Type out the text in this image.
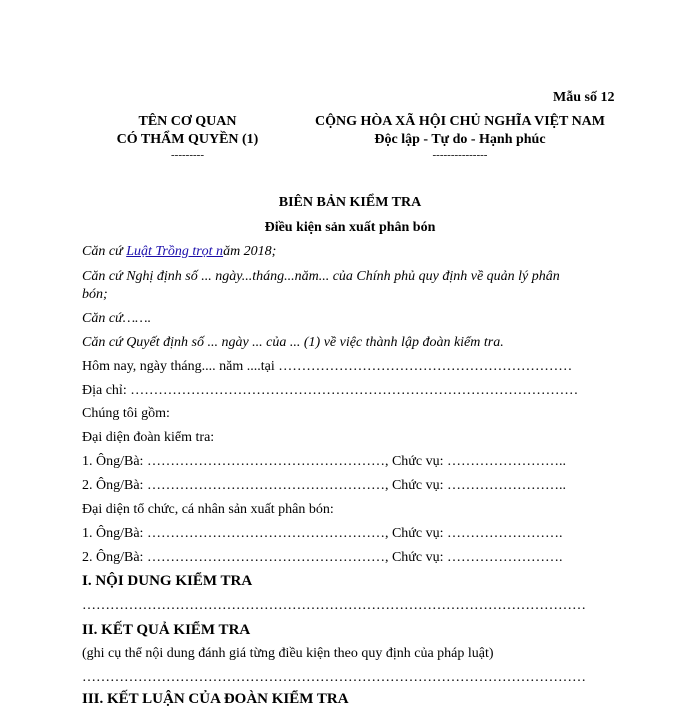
Mẫu số 12
TÊN CƠ QUAN
CÓ THẨM QUYỀN (1)
---------
CỘNG HÒA XÃ HỘI CHỦ NGHĨA VIỆT NAM
Độc lập - Tự do - Hạnh phúc
---------------
BIÊN BẢN KIỂM TRA
Điều kiện sản xuất phân bón
Căn cứ Luật Trồng trọt năm 2018;
Căn cứ Nghị định số ... ngày...tháng...năm... của Chính phủ quy định về quản lý phân
bón;
Căn cứ…….
Căn cứ Quyết định số ... ngày ... của ... (1) về việc thành lập đoàn kiểm tra.
Hôm nay, ngày tháng.... năm ....tại ………………………………………………………
Địa chỉ: ……………………………………………………………………………………
Chúng tôi gồm:
Đại diện đoàn kiểm tra:
1. Ông/Bà: ……………………………………………, Chức vụ: ……………………..
2. Ông/Bà: ……………………………………………, Chức vụ: ……………………..
Đại diện tổ chức, cá nhân sản xuất phân bón:
1. Ông/Bà: ……………………………………………, Chức vụ: …………………….
2. Ông/Bà: ……………………………………………, Chức vụ: …………………….
I. NỘI DUNG KIỂM TRA
………………………………………………………………………………………………
II. KẾT QUẢ KIỂM TRA
(ghi cụ thể nội dung đánh giá từng điều kiện theo quy định của pháp luật)
………………………………………………………………………………………………
III. KẾT LUẬN CỦA ĐOÀN KIỂM TRA
